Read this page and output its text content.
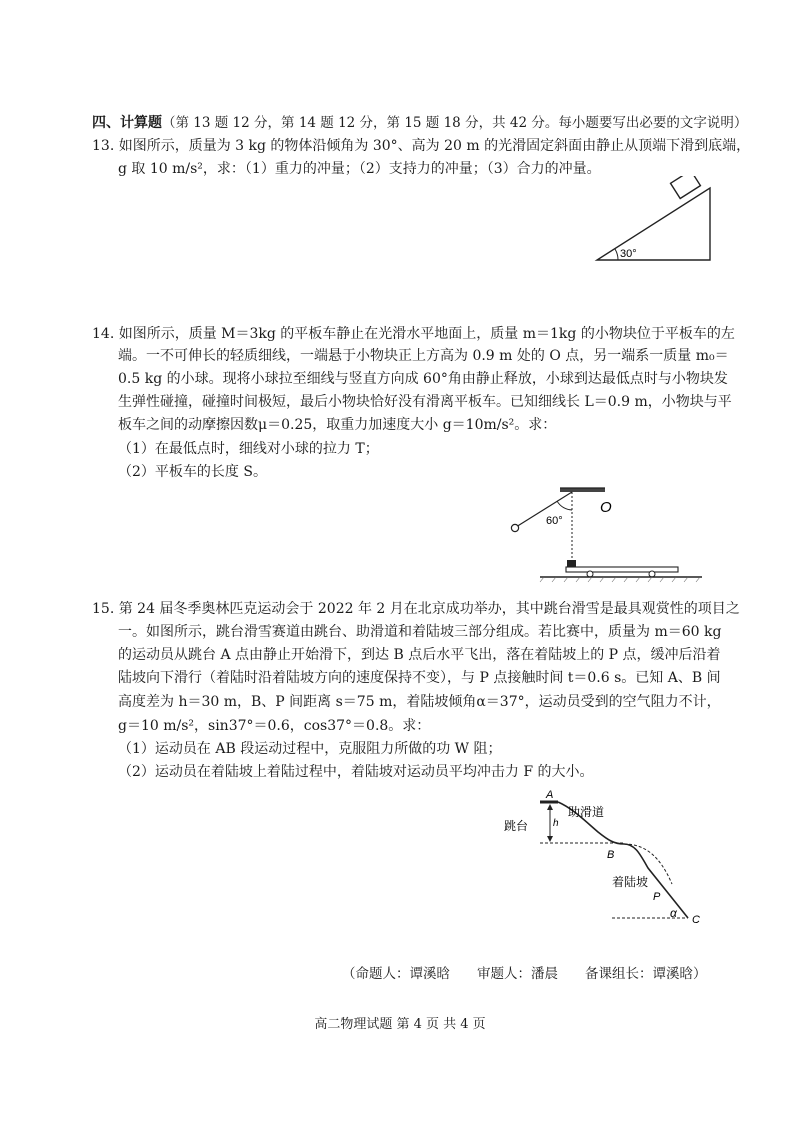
四、计算题（第 13 题 12 分，第 14 题 12 分，第 15 题 18 分，共 42 分。每小题要写出必要的文字说明）
13. 如图所示，质量为 3 kg 的物体沿倾角为 30°、高为 20 m 的光滑固定斜面由静止从顶端下滑到底端，
g 取 10 m/s²，求：（1）重力的冲量；（2）支持力的冲量；（3）合力的冲量。
30°
14. 如图所示，质量 M＝3kg 的平板车静止在光滑水平地面上，质量 m＝1kg 的小物块位于平板车的左
端。一不可伸长的轻质细线，一端悬于小物块正上方高为 0.9 m 处的 O 点，另一端系一质量 m₀＝
0.5 kg 的小球。现将小球拉至细线与竖直方向成 60°角由静止释放，小球到达最低点时与小物块发
生弹性碰撞，碰撞时间极短，最后小物块恰好没有滑离平板车。已知细线长 L＝0.9 m，小物块与平
板车之间的动摩擦因数μ＝0.25，取重力加速度大小 g＝10m/s²。求：
（1）在最低点时，细线对小球的拉力 T；
（2）平板车的长度 S。
60°
O
15. 第 24 届冬季奥林匹克运动会于 2022 年 2 月在北京成功举办，其中跳台滑雪是最具观赏性的项目之
一。如图所示，跳台滑雪赛道由跳台、助滑道和着陆坡三部分组成。若比赛中，质量为 m＝60 kg
的运动员从跳台 A 点由静止开始滑下，到达 B 点后水平飞出，落在着陆坡上的 P 点，缓冲后沿着
陆坡向下滑行（着陆时沿着陆坡方向的速度保持不变），与 P 点接触时间 t＝0.6 s。已知 A、B 间
高度差为 h＝30 m，B、P 间距离 s＝75 m，着陆坡倾角α＝37°，运动员受到的空气阻力不计，
g＝10 m/s²，sin37°＝0.6，cos37°＝0.8。求：
（1）运动员在 AB 段运动过程中，克服阻力所做的功 W 阻；
（2）运动员在着陆坡上着陆过程中，着陆坡对运动员平均冲击力 F 的大小。
A
h
跳台
助滑道
B
着陆坡
P
α C
（命题人：谭溪晗　　审题人：潘晨　　备课组长：谭溪晗）
高二物理试题 第 4 页 共 4 页
